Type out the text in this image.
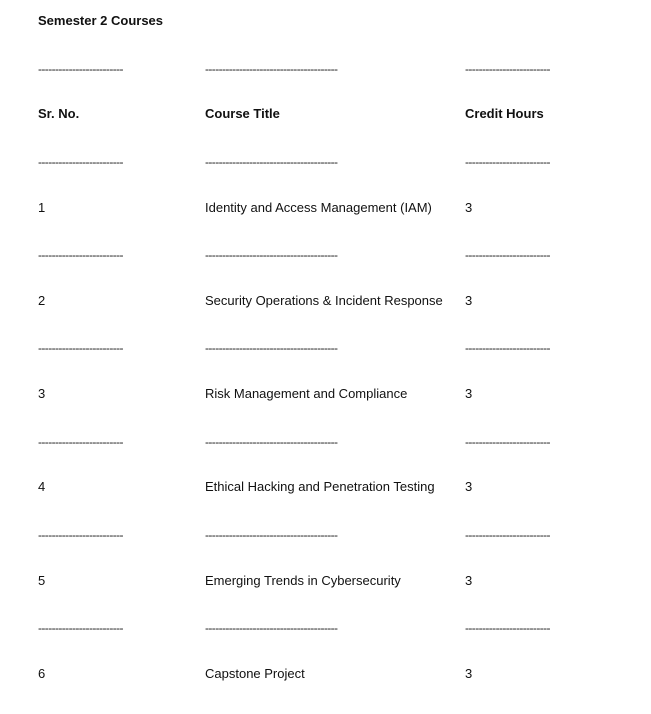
Semester 2 Courses
-------------------------	---------------------------------------	-------------------------
Sr. No.	Course Title	Credit Hours
-------------------------	---------------------------------------	-------------------------
1	Identity and Access Management (IAM)	3
-------------------------	---------------------------------------	-------------------------
2	Security Operations & Incident Response 3
-------------------------	---------------------------------------	-------------------------
3	Risk Management and Compliance	3
-------------------------	---------------------------------------	-------------------------
4	Ethical Hacking and Penetration Testing 3
-------------------------	---------------------------------------	-------------------------
5	Emerging Trends in Cybersecurity	3
-------------------------	---------------------------------------	-------------------------
6	Capstone Project	3
